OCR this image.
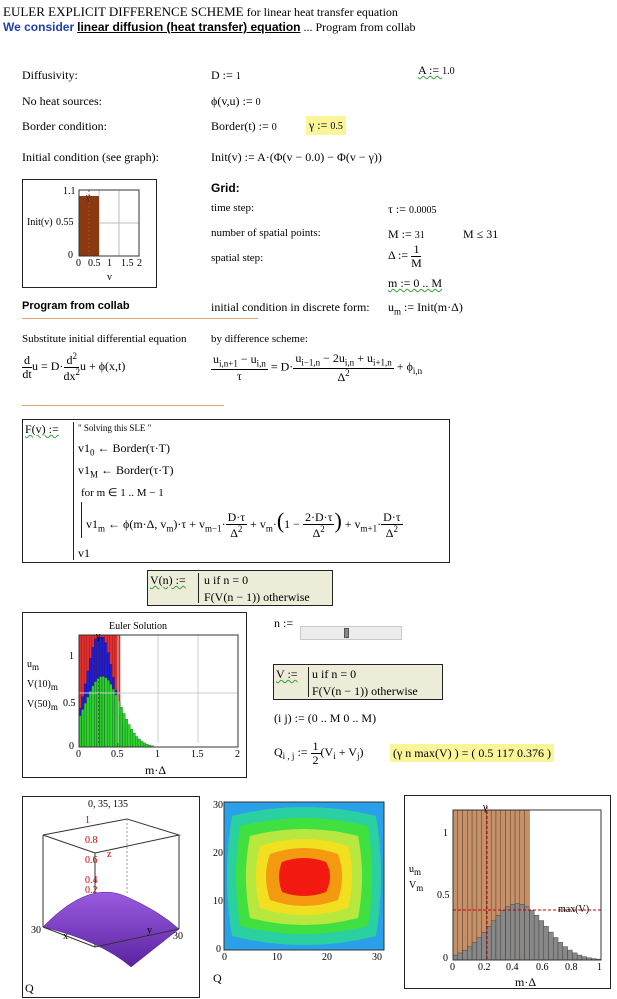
EULER EXPLICIT DIFFERENCE SCHEME for linear heat transfer equation
We consider linear diffusion (heat transfer) equation ... Program from collab
Diffusivity:	D := 1	A := 1.0
No heat sources:	ϕ(v,u) := 0
Border condition:	Border(t) := 0	γ := 0.5
Initial condition (see graph):	Init(v) := A·(Φ(v − 0.0) − Φ(v − γ))
1.1
0.55
0
Init(v)
γ
0 0.5 1 1.5 2
v
Grid:
time step:	τ := 0.0005
number of spatial points:	M := 31	M ≤ 31
spatial step:	Δ := $\frac{1}{M}$
m := 0 .. M
Program from collab	initial condition in discrete form: $u_m$ := Init(m·Δ)
Substitute initial differential equation by difference scheme:
$\frac{d}{dt}$ $u = D\cdot \frac{d^2}{dx^2}$ u + ϕ(x,t)	$\frac{u_{i,n+1} - u_{i,n}}{\tau} = D\cdot \frac{u_{i-1,n} - 2u_{i,n} + u_{i+1,n}}{\Delta^2} + \phi_{i,n}$
F(v) := " Solving this SLE "
$v1_0$ ← Border(τ·T)
$v1_M$ ← Border(τ·T)
for m ∈ 1 .. M − 1
$v1_m$ ← ϕ(m·Δ, $v_m)\cdot\tau + v_{m-1}\cdot \frac{D\cdot\tau}{\Delta^2} + v_m\cdot(1 - \frac{2\cdot D\cdot\tau}{\Delta^2}$ ) + $v_{m+1}\cdot \frac{D\cdot\tau}{\Delta^2}$
v1
V(n) := u if n = 0
F(V(n − 1)) otherwise
Euler Solution
γ
1
0.5
0
$u_m$
$V(10)_m$
$V(50)_m$
0	0.5	1	1.5	2
m·Δ
n :=
V := u if n = 0
F(V(n − 1)) otherwise
(i j) := (0 .. M 0 .. M)
$Q_{i , j}$ := $\frac{1}{2} (V_i + V_j)$ (γ n max(V) ) = ( 0.5 117 0.376 )
0, 35, 135
1
0.8
0.6
0.4
0.2
z
x
y
30
30
Q
30
20
10
0
0	10	20	30
Q
γ
max(V)
1
0.5
0
$u_m$
$V_m$
0 0.2 0.4 0.6 0.8 1
m·Δ
